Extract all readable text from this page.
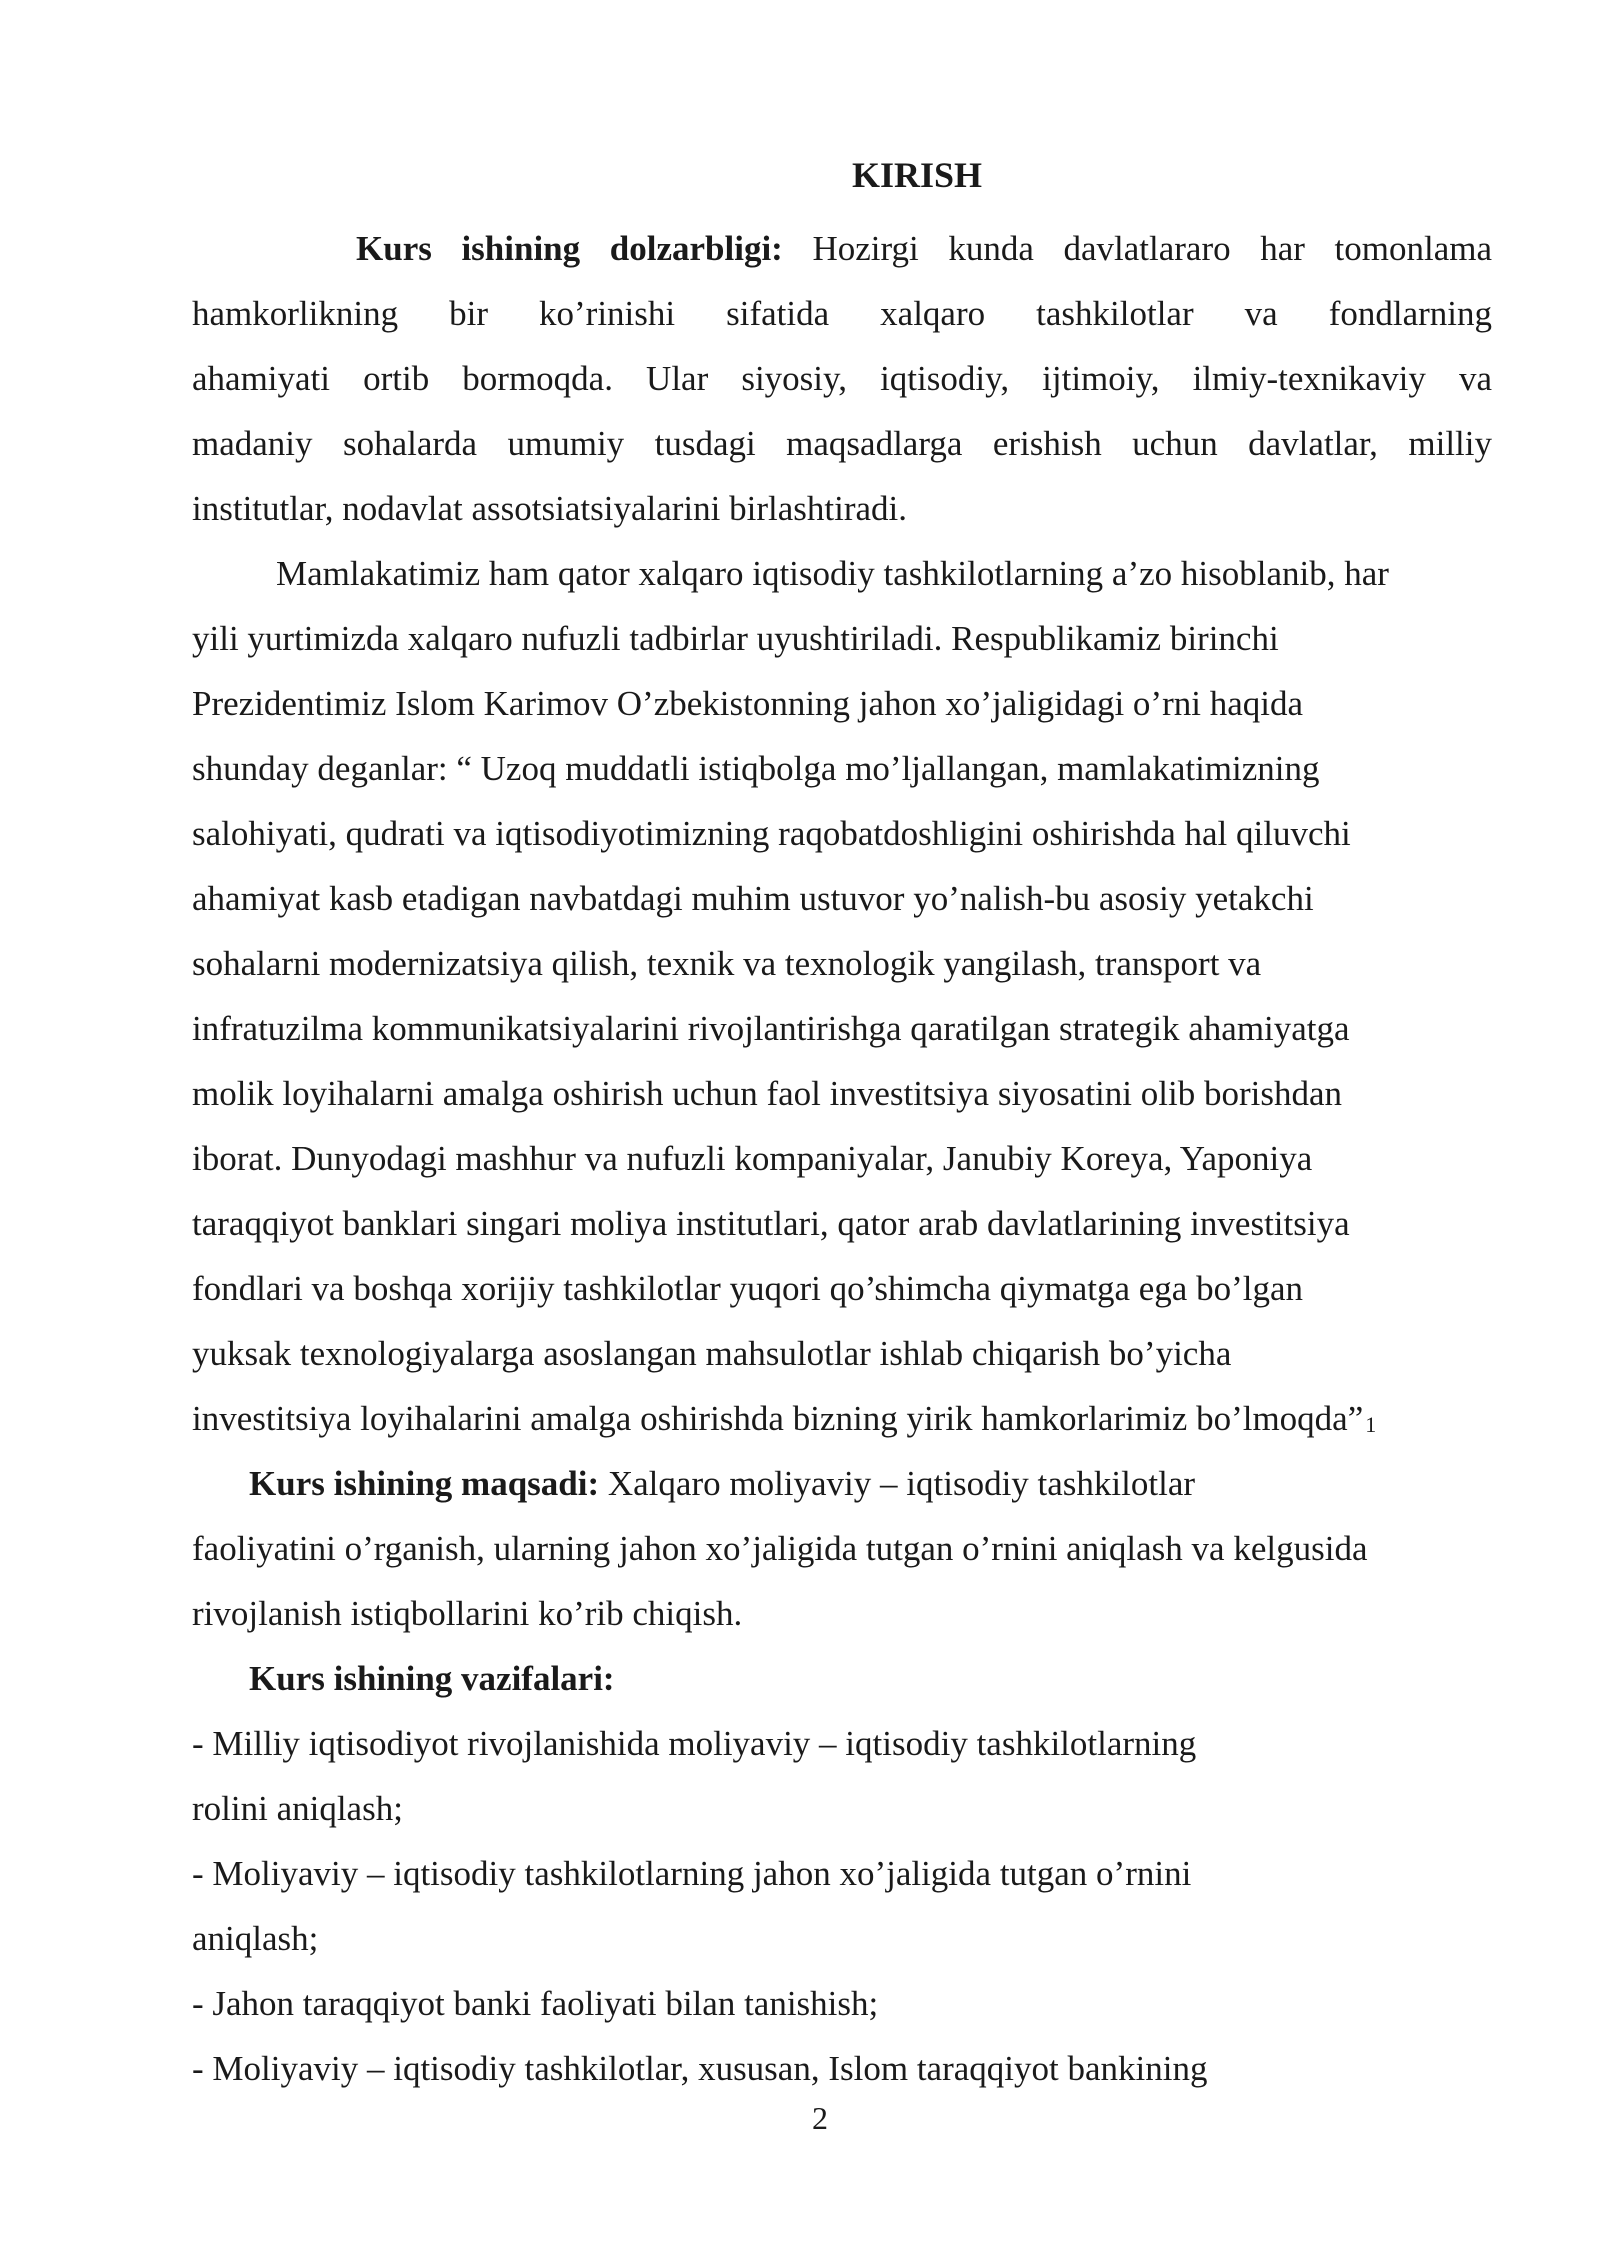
KIRISH
Kurs ishining dolzarbligi: Hozirgi kunda davlatlararo har tomonlama
hamkorlikning bir ko’rinishi sifatida xalqaro tashkilotlar va fondlarning
ahamiyati ortib bormoqda. Ular siyosiy, iqtisodiy, ijtimoiy, ilmiy-texnikaviy va
madaniy sohalarda umumiy tusdagi maqsadlarga erishish uchun davlatlar, milliy
institutlar, nodavlat assotsiatsiyalarini birlashtiradi.
Mamlakatimiz ham qator xalqaro iqtisodiy tashkilotlarning a’zo hisoblanib, har
yili yurtimizda xalqaro nufuzli tadbirlar uyushtiriladi. Respublikamiz birinchi
Prezidentimiz Islom Karimov O’zbekistonning jahon xo’jaligidagi o’rni haqida
shunday deganlar: “ Uzoq muddatli istiqbolga mo’ljallangan, mamlakatimizning
salohiyati, qudrati va iqtisodiyotimizning raqobatdoshligini oshirishda hal qiluvchi
ahamiyat kasb etadigan navbatdagi muhim ustuvor yo’nalish-bu asosiy yetakchi
sohalarni modernizatsiya qilish, texnik va texnologik yangilash, transport va
infratuzilma kommunikatsiyalarini rivojlantirishga qaratilgan strategik ahamiyatga
molik loyihalarni amalga oshirish uchun faol investitsiya siyosatini olib borishdan
iborat. Dunyodagi mashhur va nufuzli kompaniyalar, Janubiy Koreya, Yaponiya
taraqqiyot banklari singari moliya institutlari, qator arab davlatlarining investitsiya
fondlari va boshqa xorijiy tashkilotlar yuqori qo’shimcha qiymatga ega bo’lgan
yuksak texnologiyalarga asoslangan mahsulotlar ishlab chiqarish bo’yicha
investitsiya loyihalarini amalga oshirishda bizning yirik hamkorlarimiz bo’lmoqda”1
Kurs ishining maqsadi: Xalqaro moliyaviy – iqtisodiy tashkilotlar
faoliyatini o’rganish, ularning jahon xo’jaligida tutgan o’rnini aniqlash va kelgusida
rivojlanish istiqbollarini ko’rib chiqish.
Kurs ishining vazifalari:
- Milliy iqtisodiyot rivojlanishida moliyaviy – iqtisodiy tashkilotlarning
rolini aniqlash;
- Moliyaviy – iqtisodiy tashkilotlarning jahon xo’jaligida tutgan o’rnini
aniqlash;
- Jahon taraqqiyot banki faoliyati bilan tanishish;
- Moliyaviy – iqtisodiy tashkilotlar, xususan, Islom taraqqiyot bankining
2
